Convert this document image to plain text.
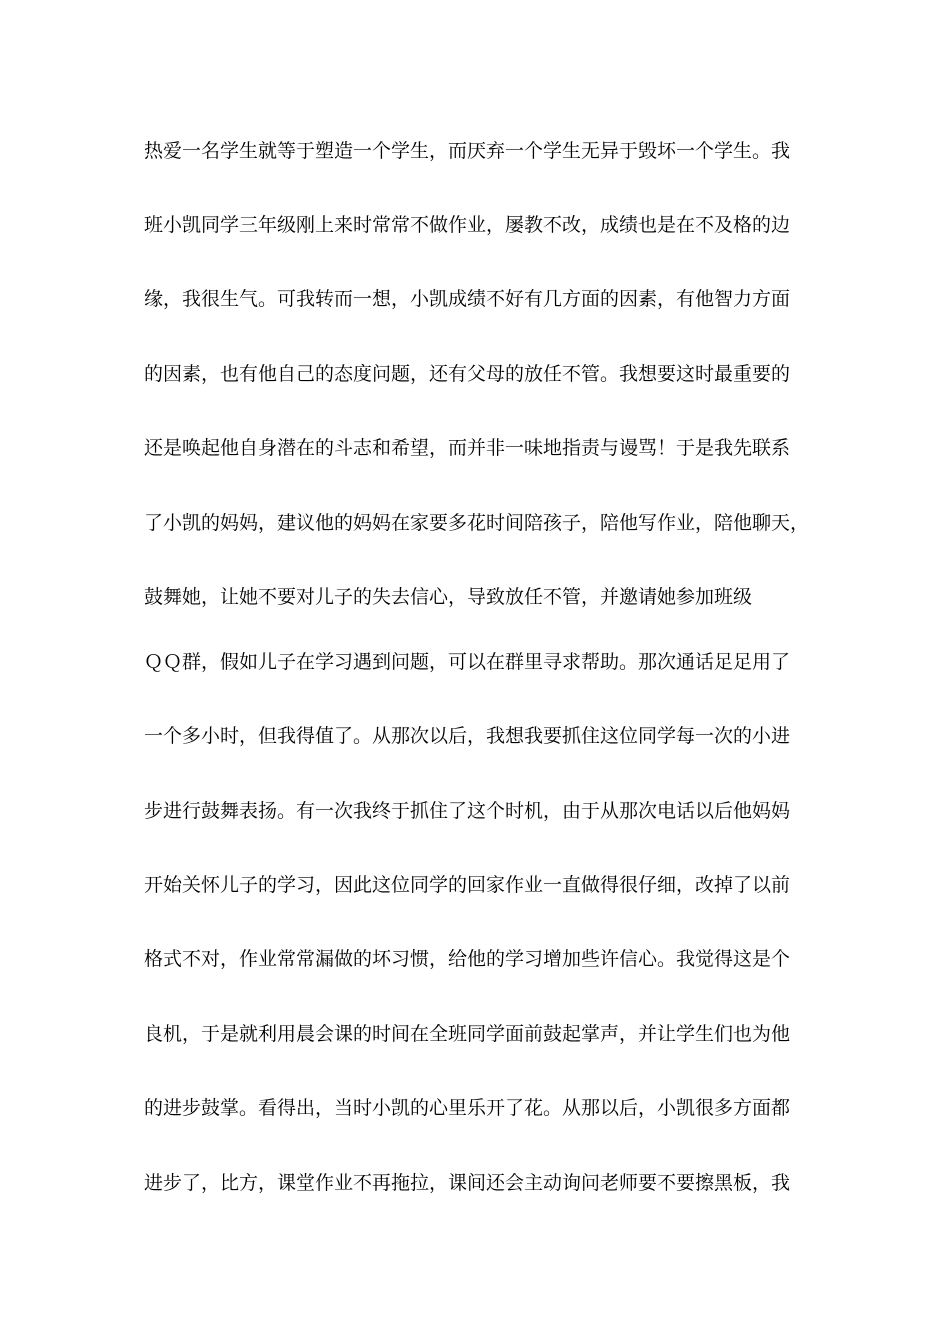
热爱一名学生就等于塑造一个学生，而厌弃一个学生无异于毁坏一个学生。我
班小凯同学三年级刚上来时常常不做作业，屡教不改，成绩也是在不及格的边
缘，我很生气。可我转而一想，小凯成绩不好有几方面的因素，有他智力方面
的因素，也有他自己的态度问题，还有父母的放任不管。我想要这时最重要的
还是唤起他自身潜在的斗志和希望，而并非一味地指责与谩骂！于是我先联系
了小凯的妈妈，建议他的妈妈在家要多花时间陪孩子，陪他写作业，陪他聊天，
鼓舞她，让她不要对儿子的失去信心，导致放任不管，并邀请她参加班级
ＱＱ群，假如儿子在学习遇到问题，可以在群里寻求帮助。那次通话足足用了
一个多小时，但我得值了。从那次以后，我想我要抓住这位同学每一次的小进
步进行鼓舞表扬。有一次我终于抓住了这个时机，由于从那次电话以后他妈妈
开始关怀儿子的学习，因此这位同学的回家作业一直做得很仔细，改掉了以前
格式不对，作业常常漏做的坏习惯，给他的学习增加些许信心。我觉得这是个
良机，于是就利用晨会课的时间在全班同学面前鼓起掌声，并让学生们也为他
的进步鼓掌。看得出，当时小凯的心里乐开了花。从那以后，小凯很多方面都
进步了，比方，课堂作业不再拖拉，课间还会主动询问老师要不要擦黑板，我
